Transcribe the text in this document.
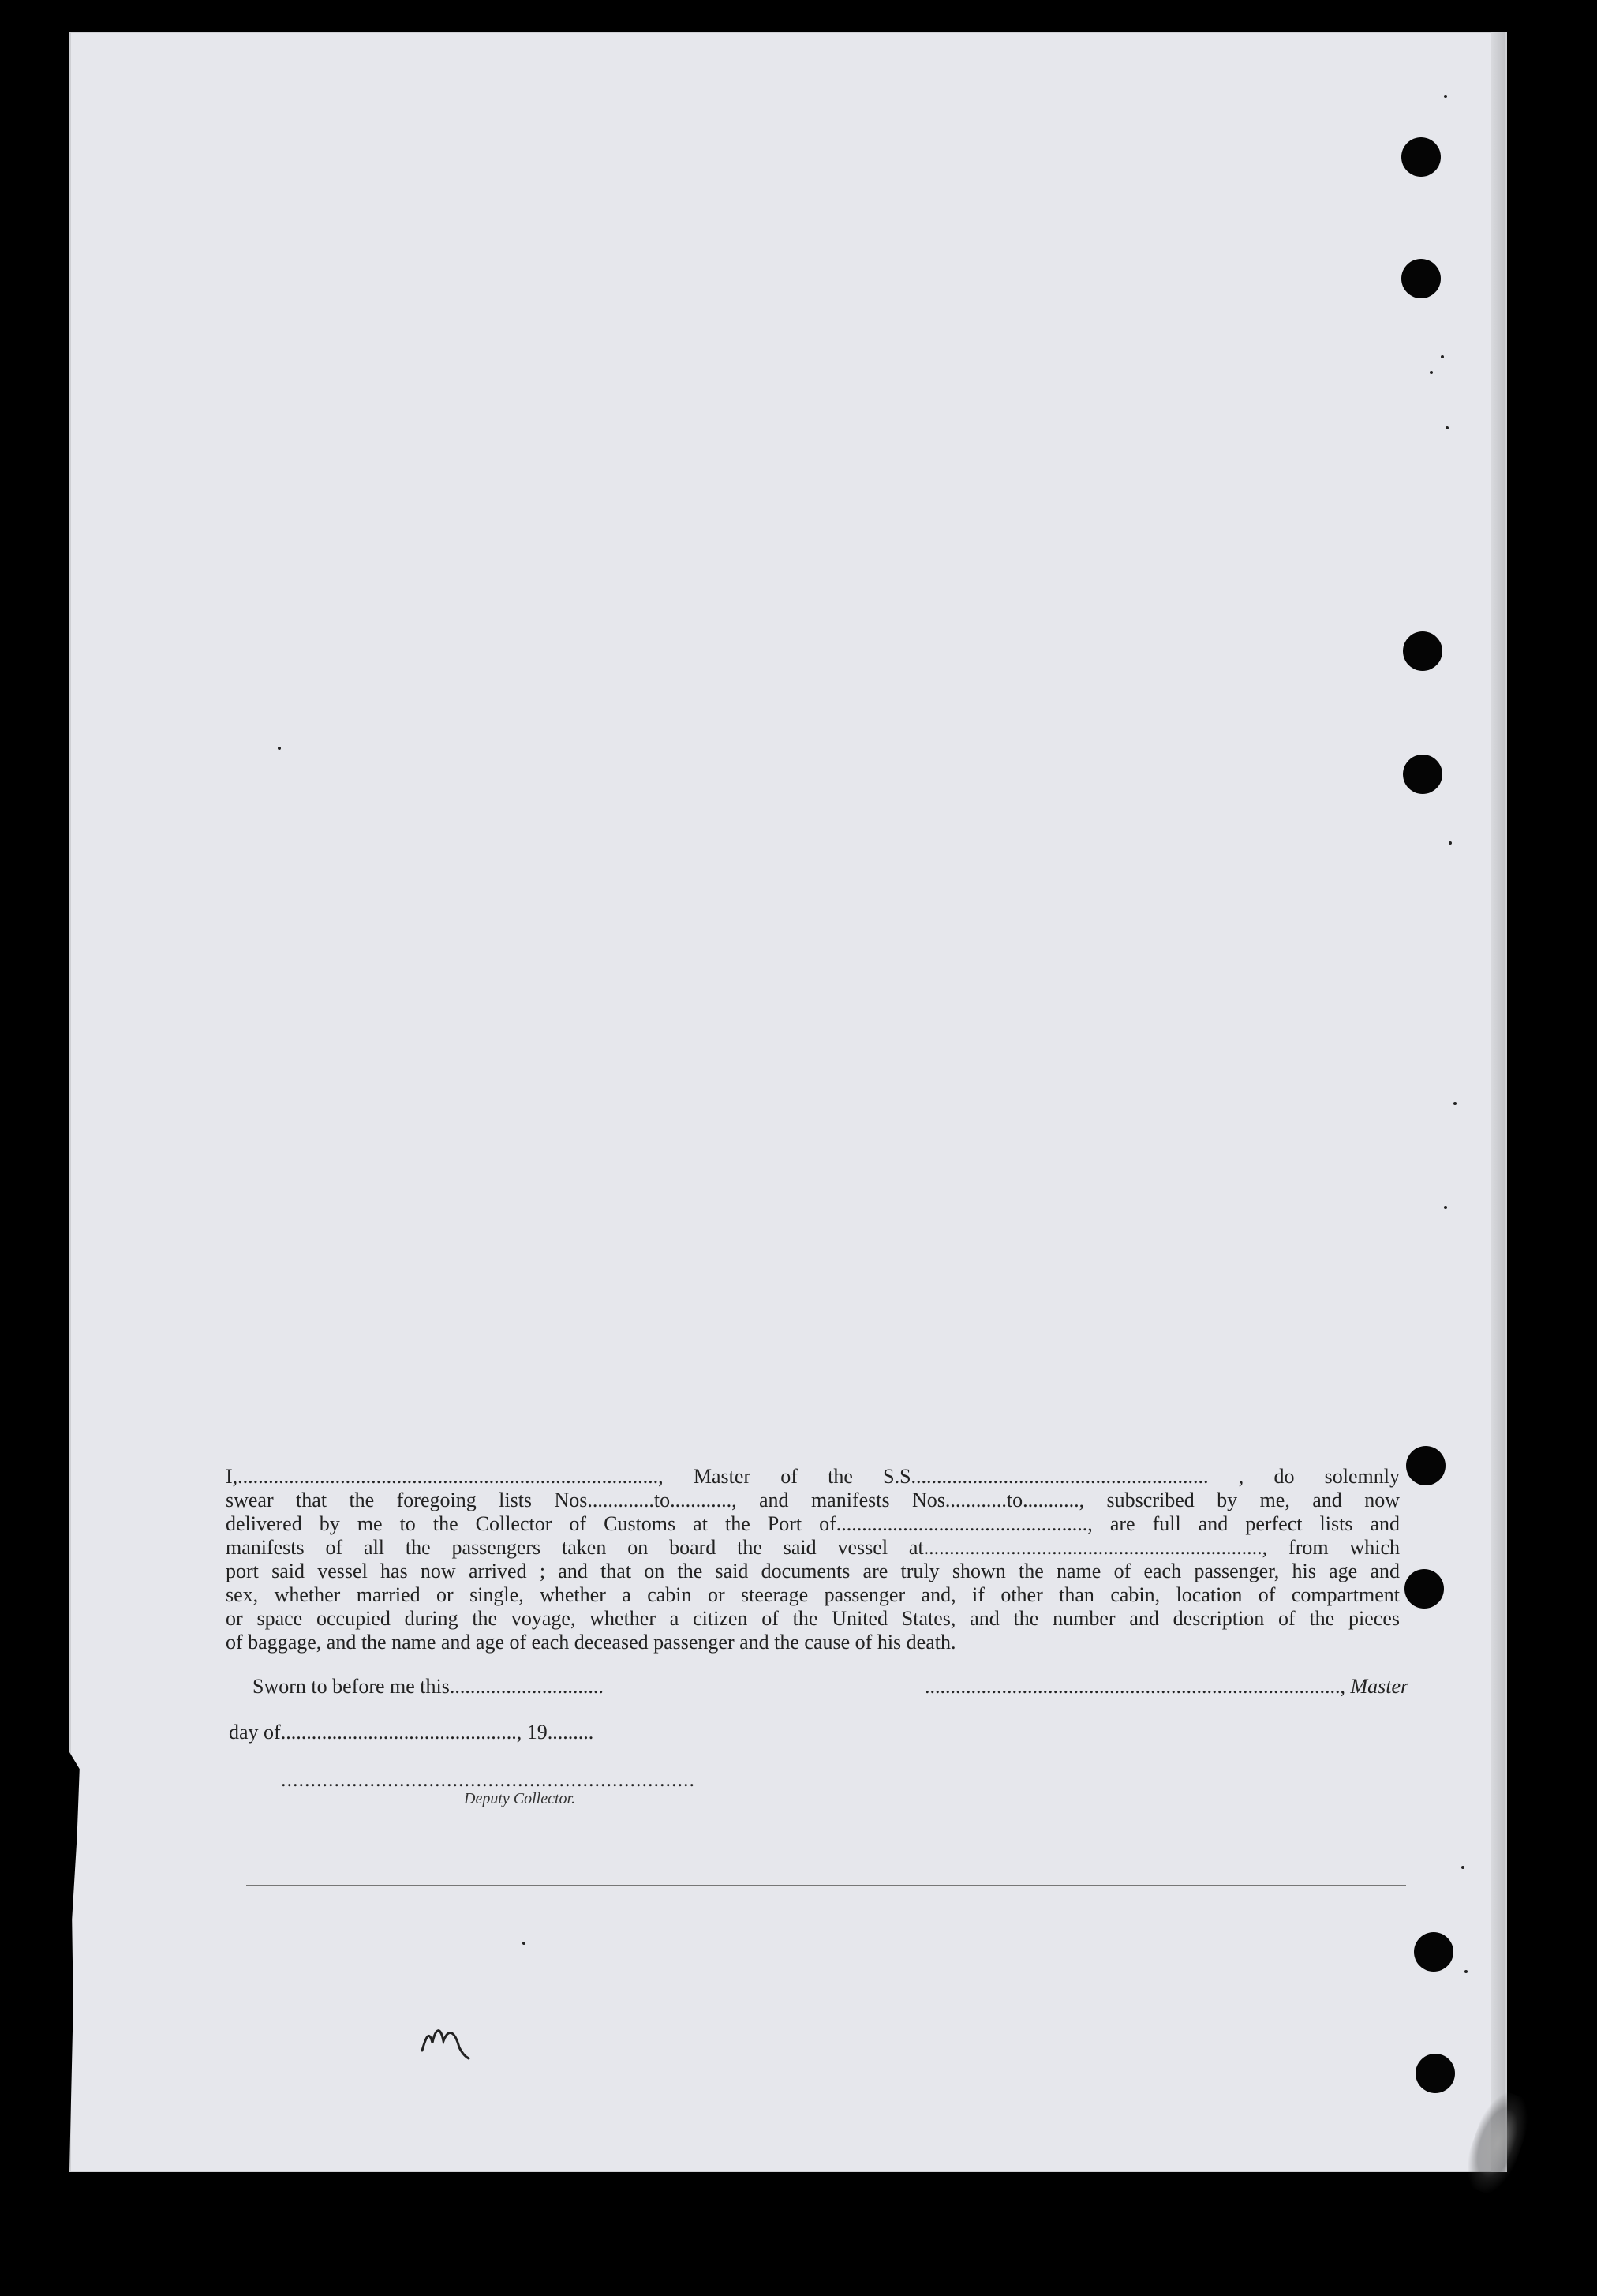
I,.................................................................................., Master of the S.S.......................................................... , do solemnly
swear that the foregoing lists Nos.............to............, and manifests Nos............to..........., subscribed by me, and now
delivered by me to the Collector of Customs at the Port of................................................., are full and perfect lists and
manifests of all the passengers taken on board the said vessel at.................................................................., from which
port said vessel has now arrived ; and that on the said documents are truly shown the name of each passenger, his age and
sex, whether married or single, whether a cabin or steerage passenger and, if other than cabin, location of compartment
or space occupied during the voyage, whether a citizen of the United States, and the number and description of the pieces
of baggage, and the name and age of each deceased passenger and the cause of his death.
Sworn to before me this..............................	................................................................................., Master
day of.............................................., 19.........
......................................................................
Deputy Collector.
